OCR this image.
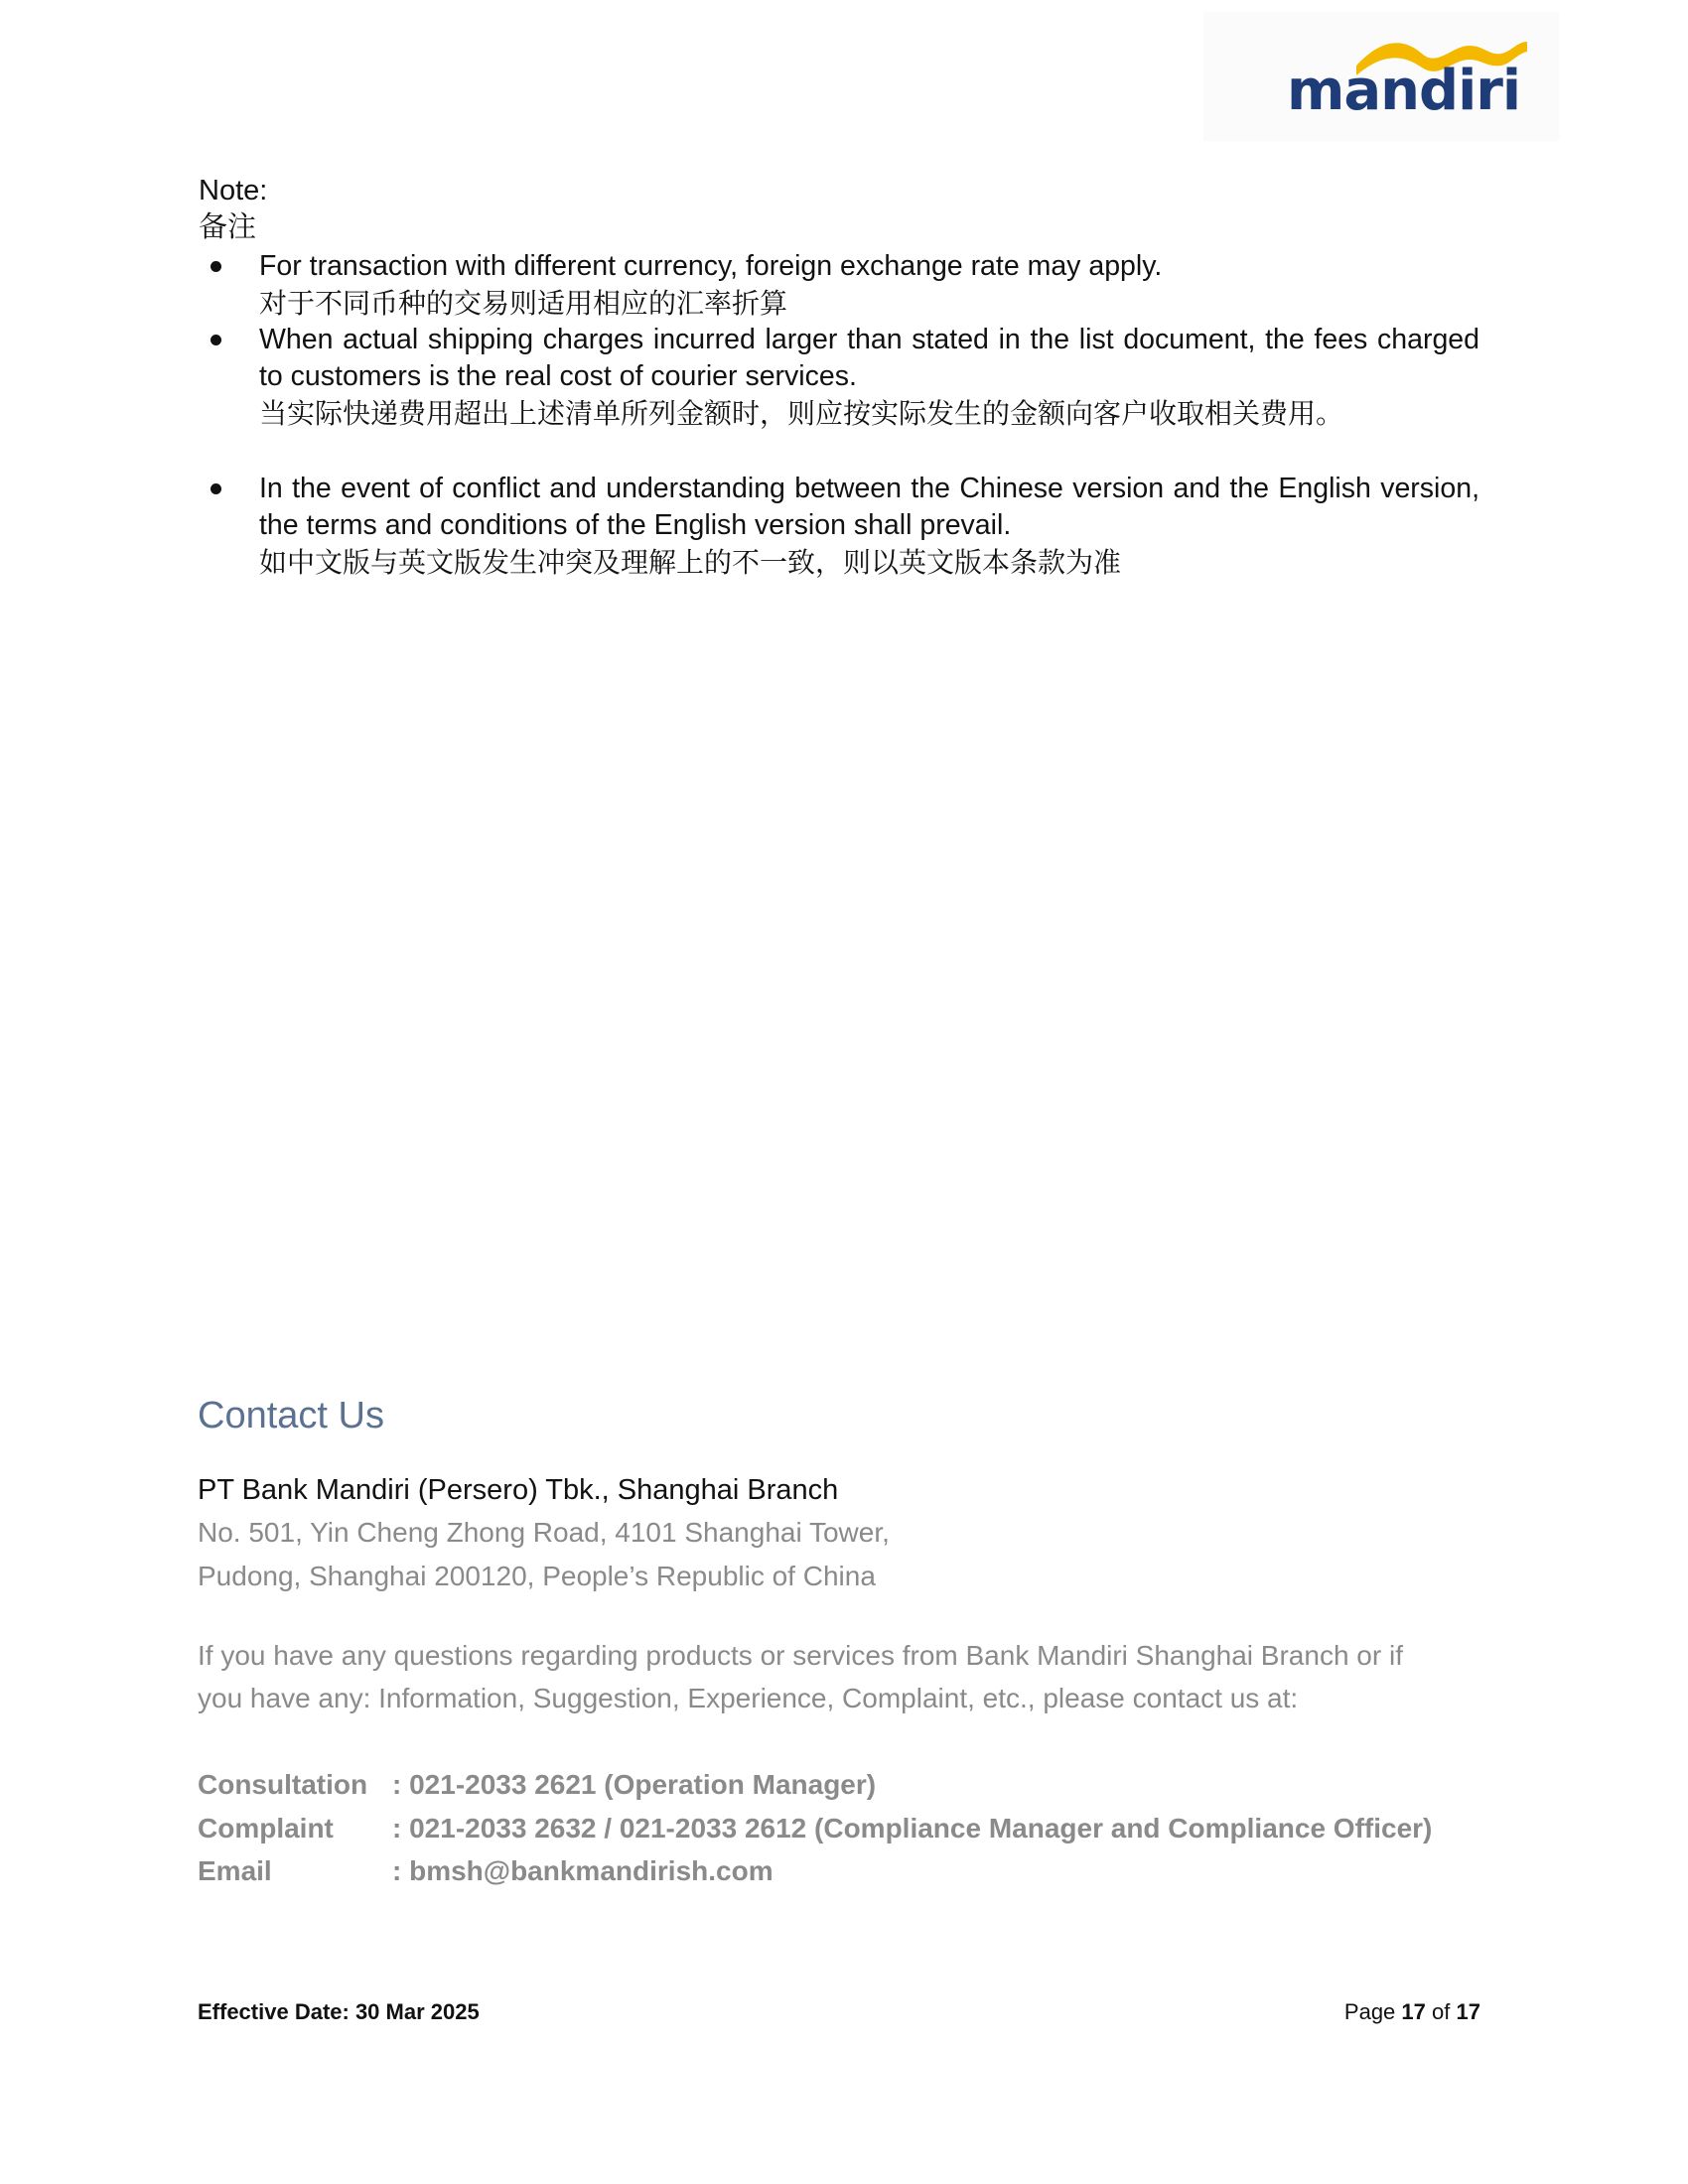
mandiri
Note:
备注
For transaction with different currency, foreign exchange rate may apply.
对于不同币种的交易则适用相应的汇率折算
When actual shipping charges incurred larger than stated in the list document, the fees charged to customers is the real cost of courier services.
当实际快递费用超出上述清单所列金额时，则应按实际发生的金额向客户收取相关费用。
In the event of conflict and understanding between the Chinese version and the English version, the terms and conditions of the English version shall prevail.
如中文版与英文版发生冲突及理解上的不一致，则以英文版本条款为准
Contact Us
PT Bank Mandiri (Persero) Tbk., Shanghai Branch
No. 501, Yin Cheng Zhong Road, 4101 Shanghai Tower,
Pudong, Shanghai 200120, People’s Republic of China
If you have any questions regarding products or services from Bank Mandiri Shanghai Branch or if
you have any: Information, Suggestion, Experience, Complaint, etc., please contact us at:
Consultation : 021-2033 2621 (Operation Manager)
Complaint : 021-2033 2632 / 021-2033 2612 (Compliance Manager and Compliance Officer)
Email	: bmsh@bankmandirish.com
Effective Date: 30 Mar 2025	Page 17 of 17
